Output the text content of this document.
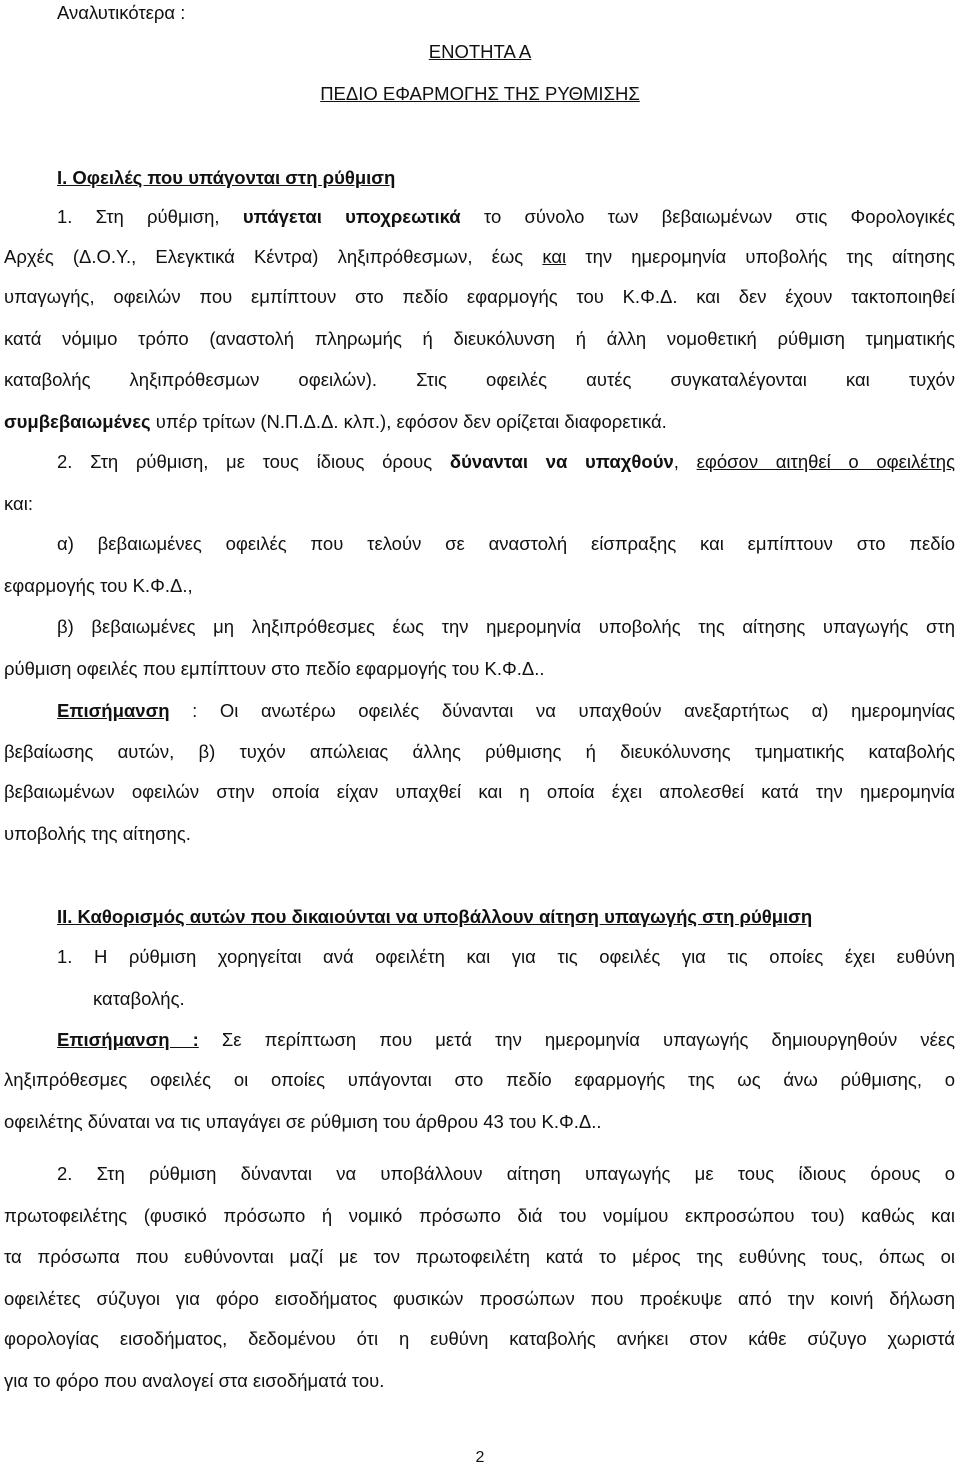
Αναλυτικότερα :
ΕΝΟΤΗΤΑ Α
ΠΕΔΙΟ ΕΦΑΡΜΟΓΗΣ ΤΗΣ ΡΥΘΜΙΣΗΣ
Ι. Οφειλές που υπάγονται στη ρύθμιση
1. Στη ρύθμιση, υπάγεται υποχρεωτικά το σύνολο των βεβαιωμένων στις Φορολογικές
Αρχές (Δ.Ο.Υ., Ελεγκτικά Κέντρα) ληξιπρόθεσμων, έως και την ημερομηνία υποβολής της αίτησης
υπαγωγής, οφειλών που εμπίπτουν στο πεδίο εφαρμογής του Κ.Φ.Δ. και δεν έχουν τακτοποιηθεί
κατά νόμιμο τρόπο (αναστολή πληρωμής ή διευκόλυνση ή άλλη νομοθετική ρύθμιση τμηματικής
καταβολής ληξιπρόθεσμων οφειλών). Στις οφειλές αυτές συγκαταλέγονται και τυχόν
συμβεβαιωμένες υπέρ τρίτων (Ν.Π.Δ.Δ. κλπ.), εφόσον δεν ορίζεται διαφορετικά.
2. Στη ρύθμιση, με τους ίδιους όρους δύνανται να υπαχθούν, εφόσον αιτηθεί ο οφειλέτης
και:
α) βεβαιωμένες οφειλές που τελούν σε αναστολή είσπραξης και εμπίπτουν στο πεδίο
εφαρμογής του Κ.Φ.Δ.,
β) βεβαιωμένες μη ληξιπρόθεσμες έως την ημερομηνία υποβολής της αίτησης υπαγωγής στη
ρύθμιση οφειλές που εμπίπτουν στο πεδίο εφαρμογής του Κ.Φ.Δ..
Επισήμανση : Οι ανωτέρω οφειλές δύνανται να υπαχθούν ανεξαρτήτως α) ημερομηνίας
βεβαίωσης αυτών, β) τυχόν απώλειας άλλης ρύθμισης ή διευκόλυνσης τμηματικής καταβολής
βεβαιωμένων οφειλών στην οποία είχαν υπαχθεί και η οποία έχει απολεσθεί κατά την ημερομηνία
υποβολής της αίτησης.
ΙΙ. Καθορισμός αυτών που δικαιούνται να υποβάλλουν αίτηση υπαγωγής στη ρύθμιση
1. Η ρύθμιση χορηγείται ανά οφειλέτη και για τις οφειλές για τις οποίες έχει ευθύνη
καταβολής.
Επισήμανση : Σε περίπτωση που μετά την ημερομηνία υπαγωγής δημιουργηθούν νέες
ληξιπρόθεσμες οφειλές οι οποίες υπάγονται στο πεδίο εφαρμογής της ως άνω ρύθμισης, ο
οφειλέτης δύναται να τις υπαγάγει σε ρύθμιση του άρθρου 43 του Κ.Φ.Δ..
2. Στη ρύθμιση δύνανται να υποβάλλουν αίτηση υπαγωγής με τους ίδιους όρους ο
πρωτοφειλέτης (φυσικό πρόσωπο ή νομικό πρόσωπο διά του νομίμου εκπροσώπου του) καθώς και
τα πρόσωπα που ευθύνονται μαζί με τον πρωτοφειλέτη κατά το μέρος της ευθύνης τους, όπως οι
οφειλέτες σύζυγοι για φόρο εισοδήματος φυσικών προσώπων που προέκυψε από την κοινή δήλωση
φορολογίας εισοδήματος, δεδομένου ότι η ευθύνη καταβολής ανήκει στον κάθε σύζυγο χωριστά
για το φόρο που αναλογεί στα εισοδήματά του.
2
